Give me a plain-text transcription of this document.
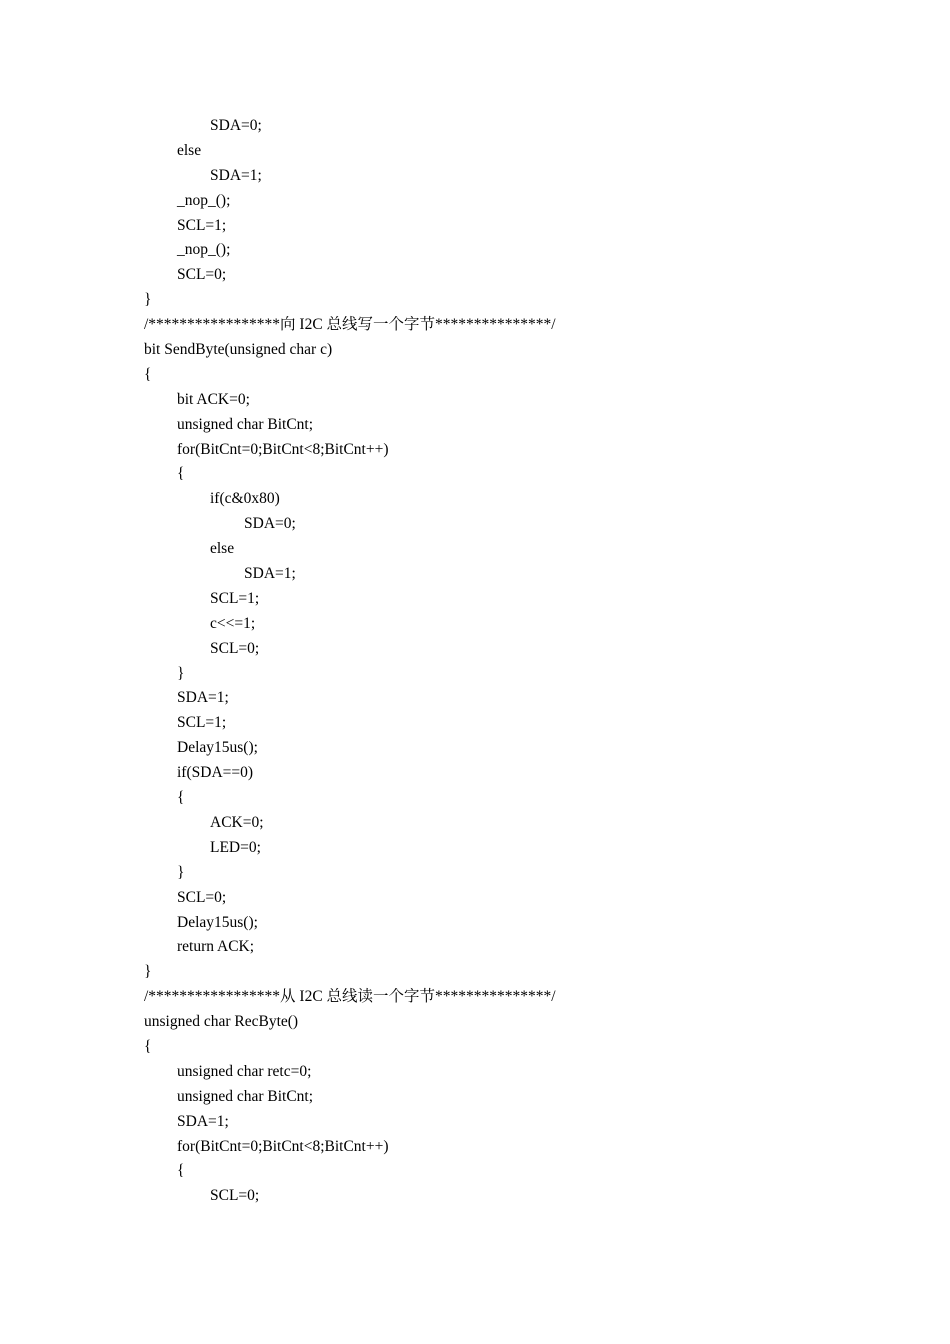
SDA=0;
else
SDA=1;
_nop_();
SCL=1;
_nop_();
SCL=0;
}
/*****************向 I2C 总线写一个字节***************/
bit SendByte(unsigned char c)
{
bit ACK=0;
unsigned char BitCnt;
for(BitCnt=0;BitCnt<8;BitCnt++)
{
if(c&0x80)
SDA=0;
else
SDA=1;
SCL=1;
c<<=1;
SCL=0;
}
SDA=1;
SCL=1;
Delay15us();
if(SDA==0)
{
ACK=0;
LED=0;
}
SCL=0;
Delay15us();
return ACK;
}
/*****************从 I2C 总线读一个字节***************/
unsigned char RecByte()
{
unsigned char retc=0;
unsigned char BitCnt;
SDA=1;
for(BitCnt=0;BitCnt<8;BitCnt++)
{
SCL=0;
